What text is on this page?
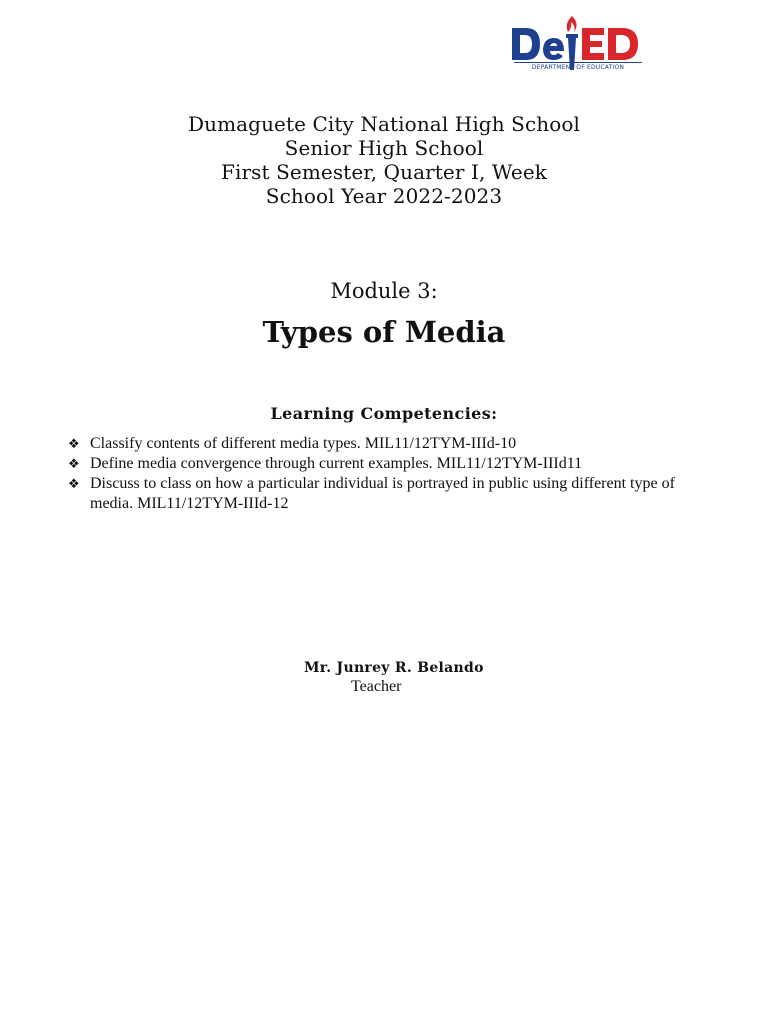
DEPARTMENT OF EDUCATION
Dumaguete City National High School
Senior High School
First Semester, Quarter I, Week
School Year 2022-2023
Module 3:
Types of Media
Learning Competencies:
❖ Classify contents of different media types. MIL11/12TYM-IIId-10
❖ Define media convergence through current examples. MIL11/12TYM-IIId11
❖ Discuss to class on how a particular individual is portrayed in public using different type of media. MIL11/12TYM-IIId-12
Mr. Junrey R. Belando
Teacher
